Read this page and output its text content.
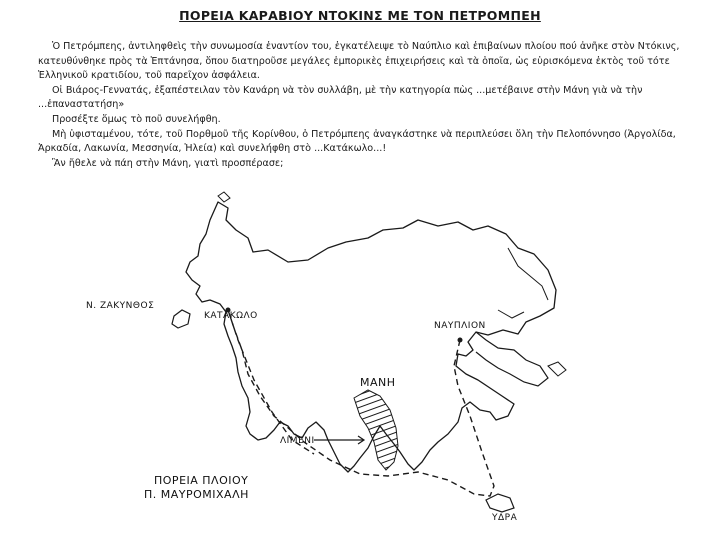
ΠΟΡΕΙΑ ΚΑΡΑΒΙΟΥ ΝΤΟΚΙΝΣ ΜΕ ΤΟΝ ΠΕΤΡΟΜΠΕΗ

Ὁ Πετρόμπεης, ἀντιληφθεὶς τὴν συνωμοσία ἐναντίον του, ἐγκατέλειψε τὸ Ναύπλιο καὶ ἐπιβαίνων πλοίου πού ἀνῆκε στὸν Ντόκινς, κατευθύνθηκε πρὸς τὰ Ἑπτάνησα, ὅπου διατηροῦσε μεγάλες ἐμπορικὲς ἐπιχειρήσεις καὶ τὰ ὁποῖα, ὡς εὑρισκόμενα ἐκτὸς τοῦ τότε Ἑλληνικοῦ κρατιδίου, τοῦ παρεῖχον ἀσφάλεια.

Οἱ Βιάρος-Γεννατάς, ἐξαπέστειλαν τὸν Κανάρη νὰ τὸν συλλάβη, μὲ τὴν κατηγορία πὼς ...μετέβαινε στὴν Μάνη γιὰ νὰ τὴν ...ἐπαναστατήση»

Προσέξτε ὅμως τὸ ποῦ συνελήφθη.

Μὴ ὑφισταμένου, τότε, τοῦ Πορθμοῦ τῆς Κορίνθου, ὁ Πετρόμπεης ἀναγκάστηκε νὰ περιπλεύσει ὅλη τὴν Πελοπόννησο (Ἀργολίδα, Ἀρκαδία, Λακωνία, Μεσσηνία, Ἠλεία) καὶ συνελήφθη στὸ ...Κατάκωλο...!

Ἂν ἤθελε νὰ πάη στὴν Μάνη, γιατὶ προσπέρασε;

Ν. ΖΑΚΥΝΘΟΣ
ΚΑΤΑΚΩΛΟ
ΝΑΥΠΛΙΟΝ
ΜΑΝΗ
ΛΙΜΕΝΙ
ΠΟΡΕΙΑ ΠΛΟΙΟΥ
Π. ΜΑΥΡΟΜΙΧΑΛΗ
ΥΔΡΑ
